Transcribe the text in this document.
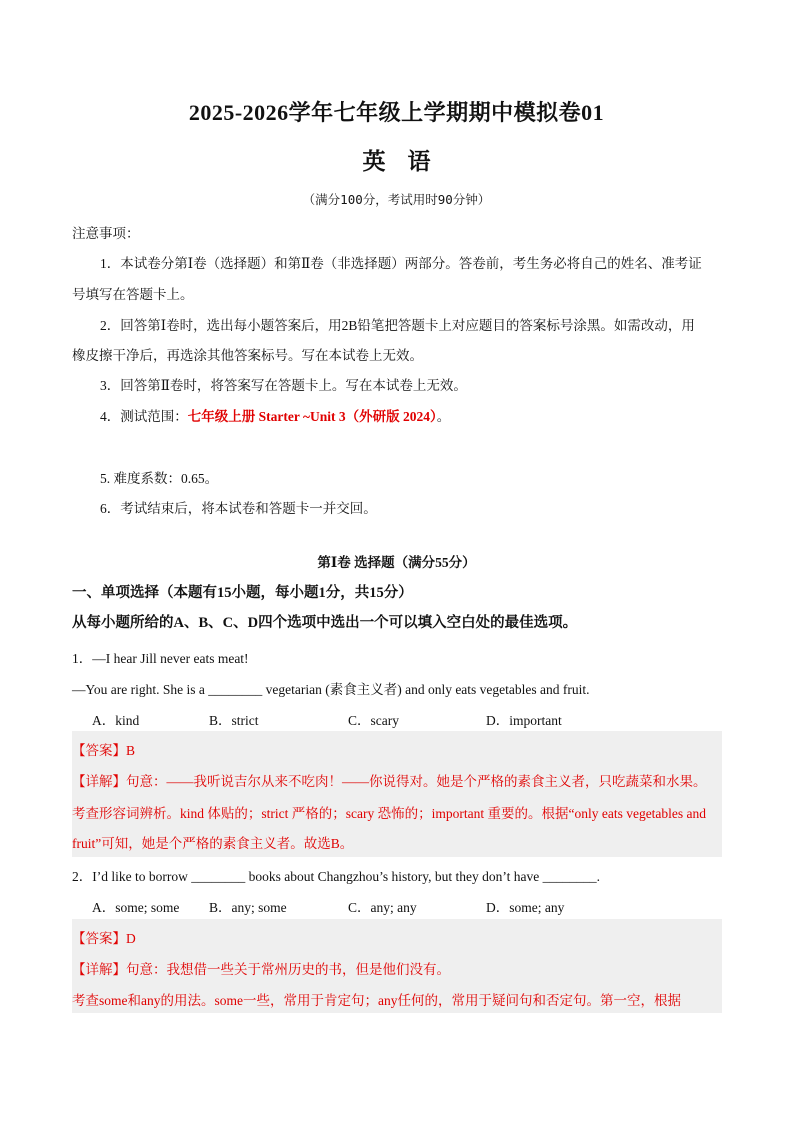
2025-2026学年七年级上学期期中模拟卷01
英语
（满分100分，考试用时90分钟）
注意事项：
1．本试卷分第Ⅰ卷（选择题）和第Ⅱ卷（非选择题）两部分。答卷前，考生务必将自己的姓名、准考证
号填写在答题卡上。
2．回答第Ⅰ卷时，选出每小题答案后，用2B铅笔把答题卡上对应题目的答案标号涂黑。如需改动，用
橡皮擦干净后，再选涂其他答案标号。写在本试卷上无效。
3．回答第Ⅱ卷时，将答案写在答题卡上。写在本试卷上无效。
4．测试范围：七年级上册 Starter ~Unit 3（外研版 2024）。
5. 难度系数：0.65。
6．考试结束后，将本试卷和答题卡一并交回。
第Ⅰ卷 选择题（满分55分）
一、单项选择（本题有15小题，每小题1分，共15分）
从每小题所给的A、B、C、D四个选项中选出一个可以填入空白处的最佳选项。
1．—I hear Jill never eats meat!
—You are right. She is a ________ vegetarian (素食主义者) and only eats vegetables and fruit.
A．kind	B．strict	C．scary	D．important
【答案】B
【详解】句意：——我听说吉尔从来不吃肉！——你说得对。她是个严格的素食主义者，只吃蔬菜和水果。
考查形容词辨析。kind 体贴的；strict 严格的；scary 恐怖的；important 重要的。根据“only eats vegetables and
fruit”可知，她是个严格的素食主义者。故选B。
2．I’d like to borrow ________ books about Changzhou’s history, but they don’t have ________.
A．some; some B．any; some	C．any; any	D．some; any
【答案】D
【详解】句意：我想借一些关于常州历史的书，但是他们没有。
考查some和any的用法。some一些，常用于肯定句；any任何的，常用于疑问句和否定句。第一空，根据
